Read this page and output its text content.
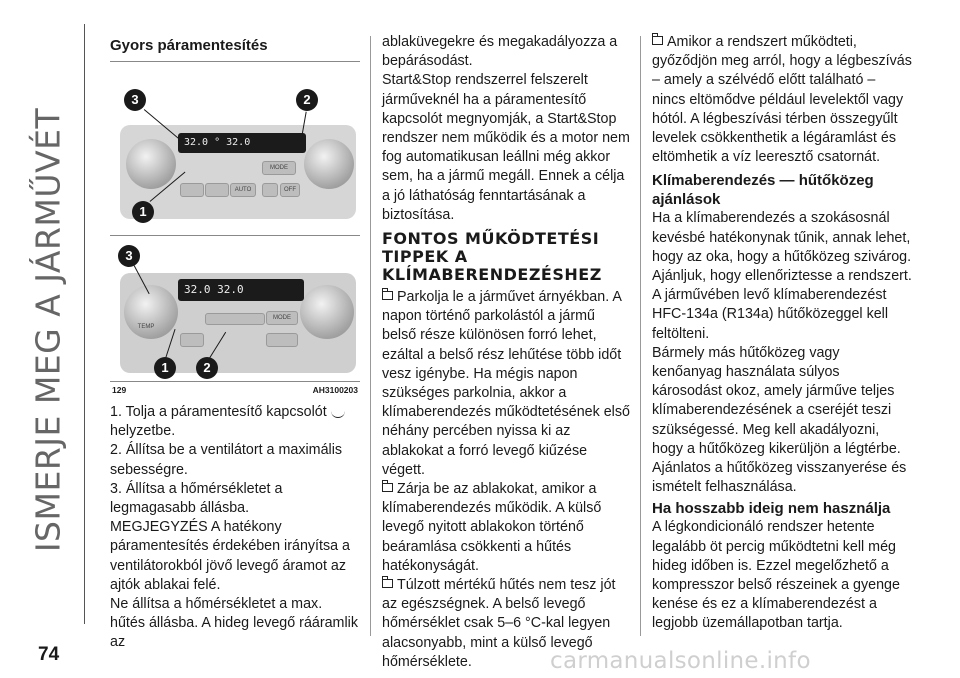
ISMERJE MEG A JÁRMŰVÉT
Gyors páramentesítés
32.0 ° 32.0
AUTO
MODE
OFF
3	2
1
32.0 32.0
MODE
TEMP
3
1	2
129	AH3100203

1. Tolja a páramentesítő kapcsolót

helyzetbe.

2. Állítsa be a ventilátort a maximális sebességre.

3. Állítsa a hőmérsékletet a legmagasabb állásba.

MEGJEGYZÉS A hatékony páramentesítés érdekében irányítsa a ventilátorokból jövő levegő áramot az ajtók ablakai felé.

Ne állítsa a hőmérsékletet a max. hűtés állásba. A hideg levegő rááramlik az

ablaküvegekre és megakadályozza a bepárásodást.

Start&Stop rendszerrel felszerelt járműveknél ha a páramentesítő kapcsolót megnyomják, a Start&Stop rendszer nem működik és a motor nem fog automatikusan leállni még akkor sem, ha a jármű megáll. Ennek a célja a jó láthatóság fenntartásának a biztosítása.

FONTOS MŰKÖDTETÉSI TIPPEK A KLÍMABERENDEZÉSHEZ

Parkolja le a járművet árnyékban. A napon történő parkolástól a jármű belső része különösen forró lehet, ezáltal a belső rész lehűtése több időt vesz igénybe. Ha mégis napon szükséges parkolnia, akkor a klímaberendezés működtetésének első néhány percében nyissa ki az ablakokat a forró levegő kiűzése végett.

Zárja be az ablakokat, amikor a klímaberendezés működik. A külső levegő nyitott ablakokon történő beáramlása csökkenti a hűtés hatékonyságát.

Túlzott mértékű hűtés nem tesz jót az egészségnek. A belső levegő hőmérséklet csak 5–6 °C-kal legyen alacsonyabb, mint a külső levegő hőmérséklete.

Amikor a rendszert működteti, győződjön meg arról, hogy a légbeszívás – amely a szélvédő előtt található – nincs eltömődve például levelektől vagy hótól. A légbeszívási térben összegyűlt levelek csökkenthetik a légáramlást és eltömhetik a víz leeresztő csatornát.

Klímaberendezés — hűtőközeg ajánlások

Ha a klímaberendezés a szokásosnál kevésbé hatékonynak tűnik, annak lehet, hogy az oka, hogy a hűtőközeg szivárog. Ajánljuk, hogy ellenőriztesse a rendszert.

A járművében levő klímaberendezést HFC-134a (R134a) hűtőközeggel kell feltölteni.

Bármely más hűtőközeg vagy kenőanyag használata súlyos károsodást okoz, amely járműve teljes klímaberendezésének a cseréjét teszi szükségessé. Meg kell akadályozni, hogy a hűtőközeg kikerüljön a légtérbe. Ajánlatos a hűtőközeg visszanyerése és ismételt felhasználása.

Ha hosszabb ideig nem használja

A légkondicionáló rendszer hetente legalább öt percig működtetni kell még hideg időben is. Ezzel megelőzhető a kompresszor belső részeinek a gyenge kenése és ez a klímaberendezést a legjobb üzemállapotban tartja.

74	carmanualsonline.info
